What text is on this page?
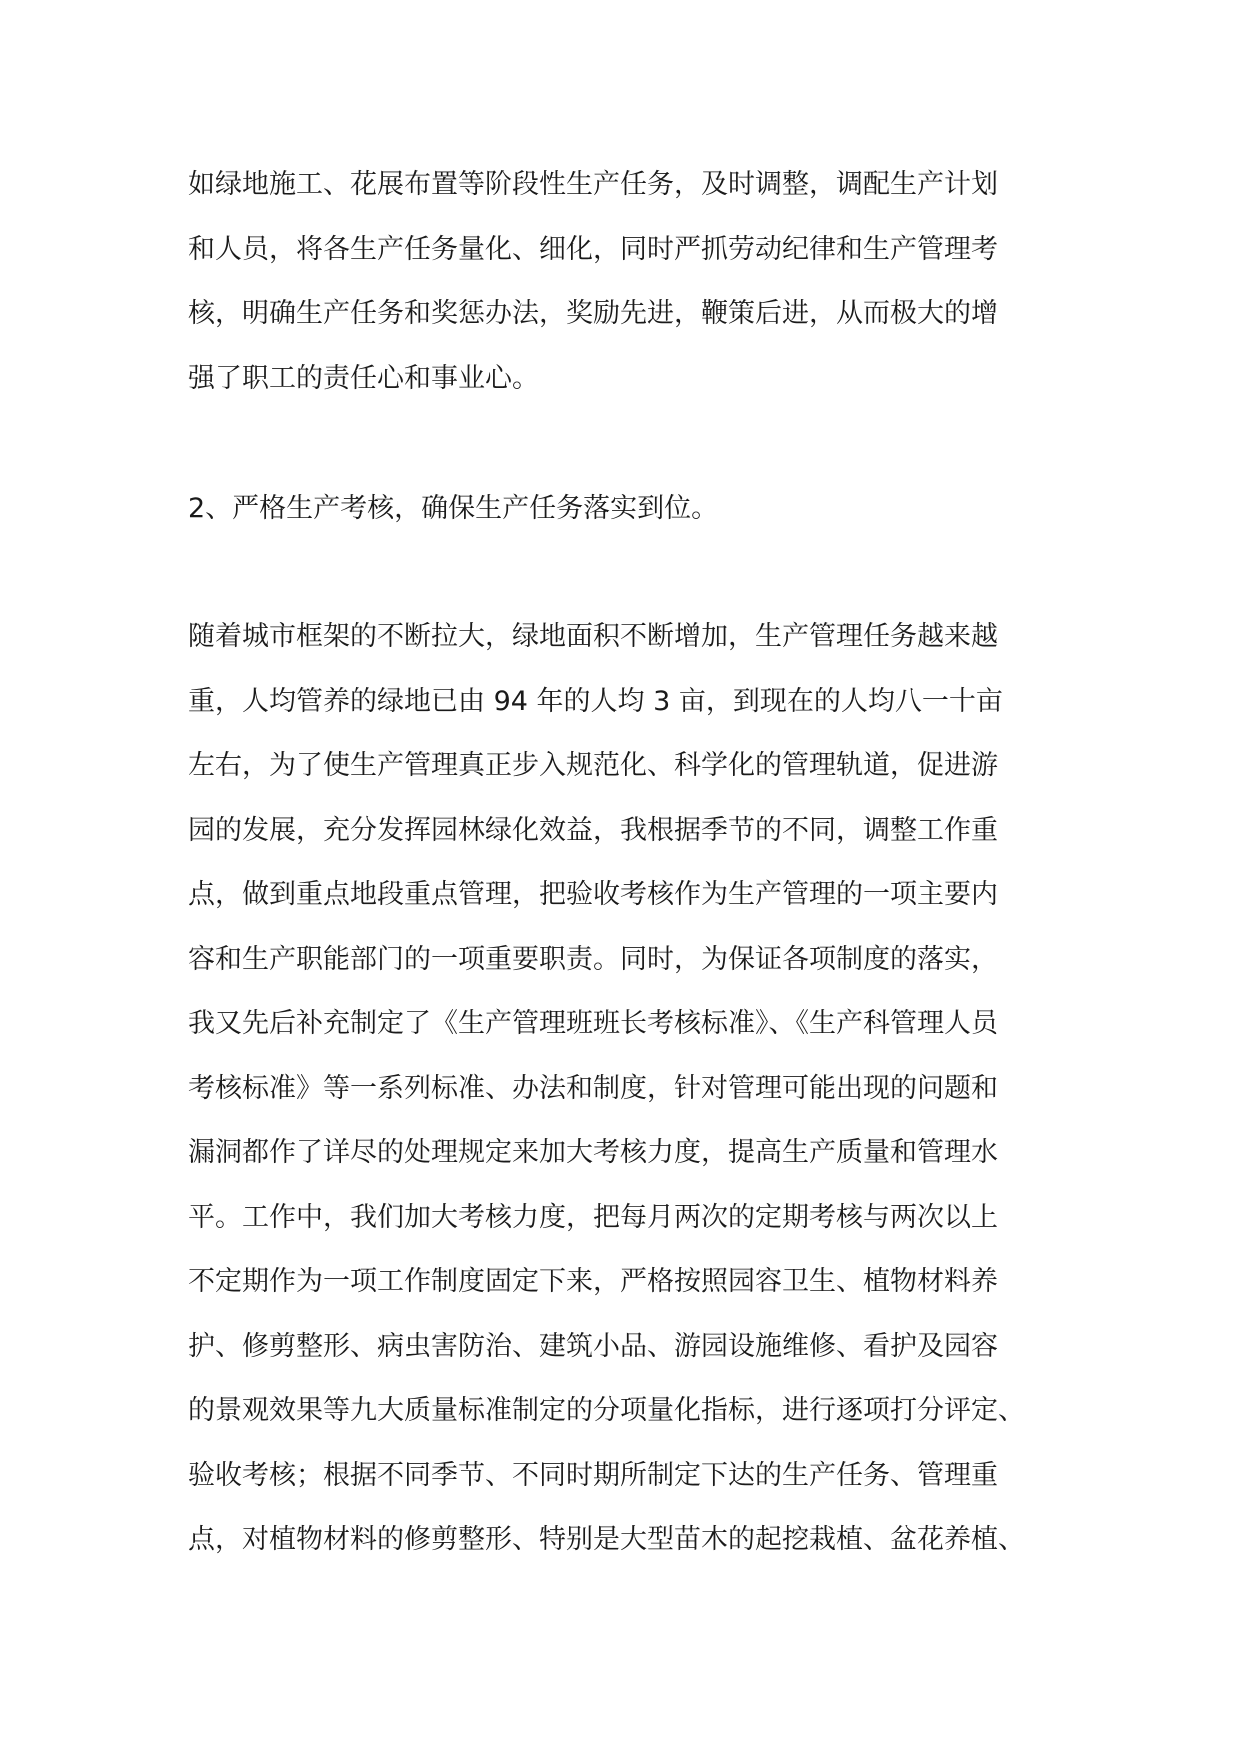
如绿地施工、花展布置等阶段性生产任务，及时调整，调配生产计划
和人员，将各生产任务量化、细化，同时严抓劳动纪律和生产管理考
核，明确生产任务和奖惩办法，奖励先进，鞭策后进，从而极大的增
强了职工的责任心和事业心。
2、严格生产考核，确保生产任务落实到位。
随着城市框架的不断拉大，绿地面积不断增加，生产管理任务越来越
重，人均管养的绿地已由 94 年的人均 3 亩，到现在的人均八一十亩
左右，为了使生产管理真正步入规范化、科学化的管理轨道，促进游
园的发展，充分发挥园林绿化效益，我根据季节的不同，调整工作重
点，做到重点地段重点管理，把验收考核作为生产管理的一项主要内
容和生产职能部门的一项重要职责。同时，为保证各项制度的落实，
我又先后补充制定了《生产管理班班长考核标准》、《生产科管理人员
考核标准》等一系列标准、办法和制度，针对管理可能出现的问题和
漏洞都作了详尽的处理规定来加大考核力度，提高生产质量和管理水
平。工作中，我们加大考核力度，把每月两次的定期考核与两次以上
不定期作为一项工作制度固定下来，严格按照园容卫生、植物材料养
护、修剪整形、病虫害防治、建筑小品、游园设施维修、看护及园容
的景观效果等九大质量标准制定的分项量化指标，进行逐项打分评定、
验收考核；根据不同季节、不同时期所制定下达的生产任务、管理重
点，对植物材料的修剪整形、特别是大型苗木的起挖栽植、盆花养植、
